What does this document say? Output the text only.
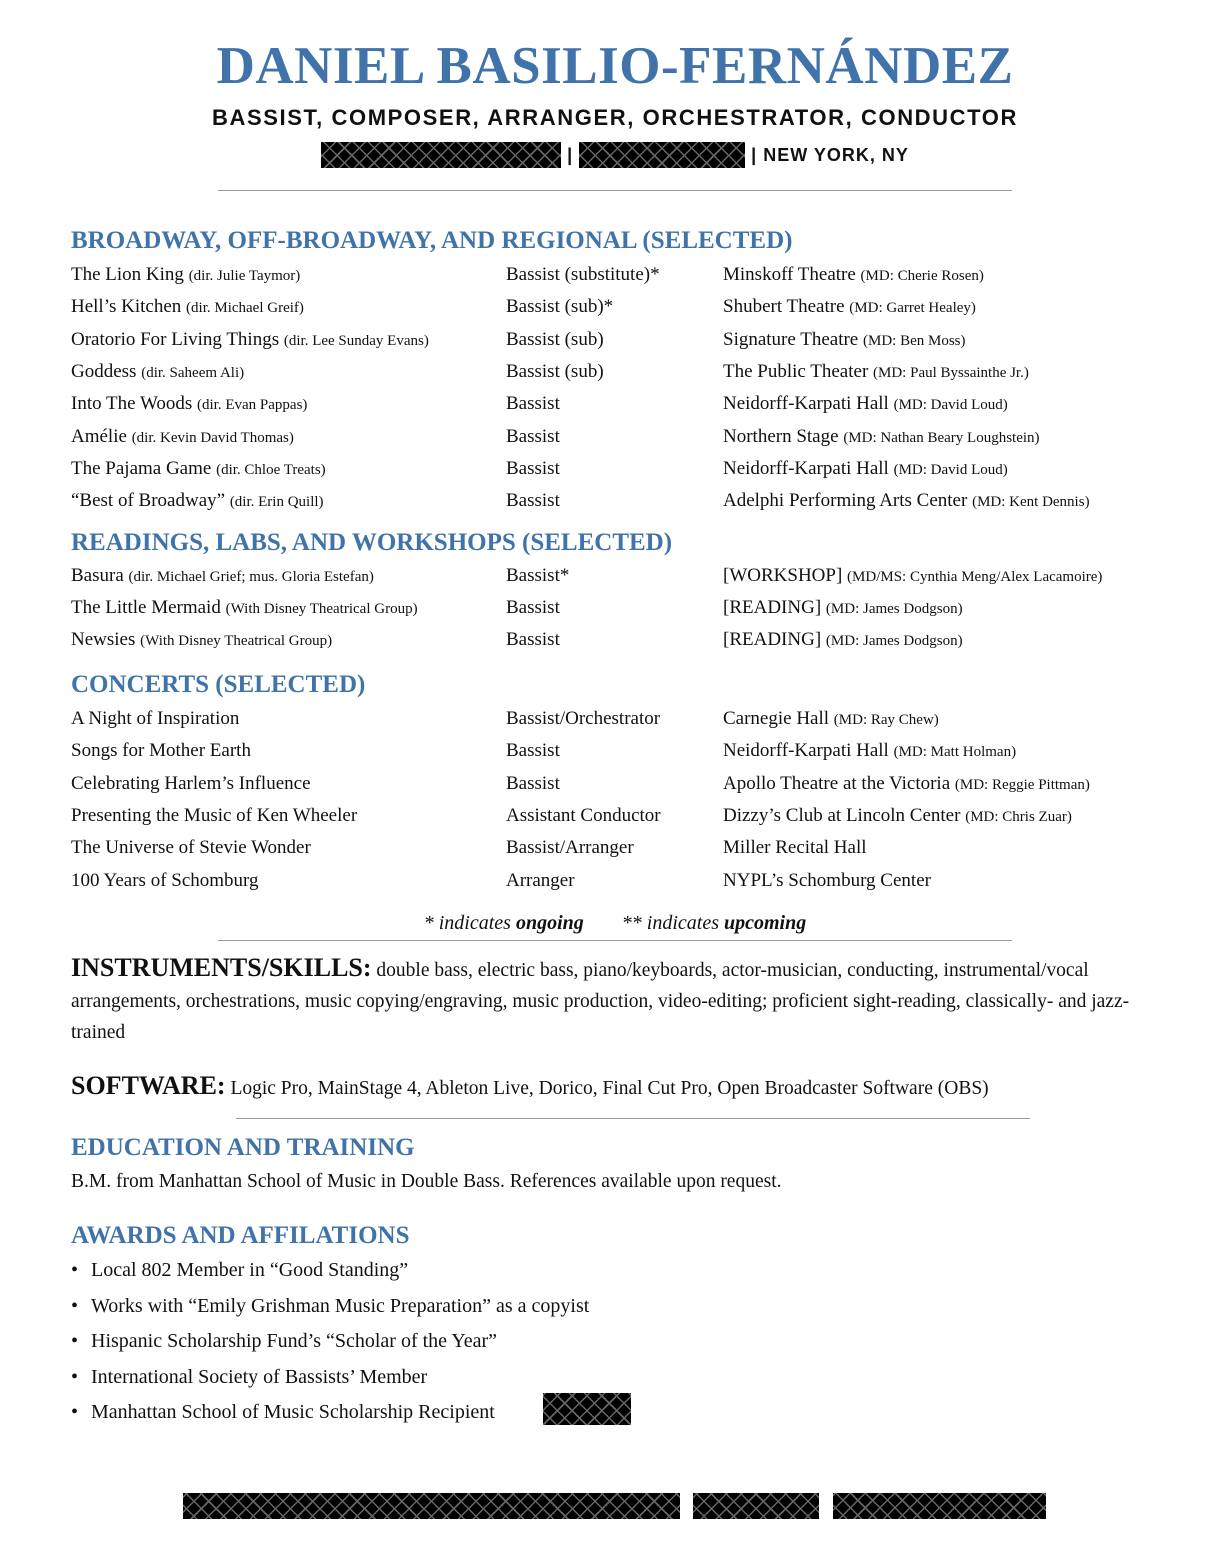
DANIEL BASILIO-FERNÁNDEZ
BASSIST, COMPOSER, ARRANGER, ORCHESTRATOR, CONDUCTOR
|	| NEW YORK, NY
BROADWAY, OFF-BROADWAY, AND REGIONAL (SELECTED)
The Lion King (dir. Julie Taymor)	Bassist (substitute)*	Minskoff Theatre (MD: Cherie Rosen)
Hell’s Kitchen (dir. Michael Greif)	Bassist (sub)*	Shubert Theatre (MD: Garret Healey)
Oratorio For Living Things (dir. Lee Sunday Evans)	Bassist (sub)	Signature Theatre (MD: Ben Moss)
Goddess (dir. Saheem Ali)	Bassist (sub)	The Public Theater (MD: Paul Byssainthe Jr.)
Into The Woods (dir. Evan Pappas)	Bassist	Neidorff-Karpati Hall (MD: David Loud)
Amélie (dir. Kevin David Thomas)	Bassist	Northern Stage (MD: Nathan Beary Loughstein)
The Pajama Game (dir. Chloe Treats)	Bassist	Neidorff-Karpati Hall (MD: David Loud)
“Best of Broadway” (dir. Erin Quill)	Bassist	Adelphi Performing Arts Center (MD: Kent Dennis)
READINGS, LABS, AND WORKSHOPS (SELECTED)
Basura (dir. Michael Grief; mus. Gloria Estefan)	Bassist*	[WORKSHOP] (MD/MS: Cynthia Meng/Alex Lacamoire)
The Little Mermaid (With Disney Theatrical Group)	Bassist	[READING] (MD: James Dodgson)
Newsies (With Disney Theatrical Group)	Bassist	[READING] (MD: James Dodgson)
CONCERTS (SELECTED)
A Night of Inspiration	Bassist/Orchestrator	Carnegie Hall (MD: Ray Chew)
Songs for Mother Earth	Bassist	Neidorff-Karpati Hall (MD: Matt Holman)
Celebrating Harlem’s Influence	Bassist	Apollo Theatre at the Victoria (MD: Reggie Pittman)
Presenting the Music of Ken Wheeler	Assistant Conductor	Dizzy’s Club at Lincoln Center (MD: Chris Zuar)
The Universe of Stevie Wonder	Bassist/Arranger	Miller Recital Hall
100 Years of Schomburg	Arranger	NYPL’s Schomburg Center
* indicates ongoing ** indicates upcoming
INSTRUMENTS/SKILLS: double bass, electric bass, piano/keyboards, actor-musician, conducting, instrumental/vocal arrangements, orchestrations, music copying/engraving, music production, video-editing; proficient sight-reading, classically- and jazz-trained
SOFTWARE: Logic Pro, MainStage 4, Ableton Live, Dorico, Final Cut Pro, Open Broadcaster Software (OBS)
EDUCATION AND TRAINING
B.M. from Manhattan School of Music in Double Bass. References available upon request.
AWARDS AND AFFILATIONS
• Local 802 Member in “Good Standing”
• Works with “Emily Grishman Music Preparation” as a copyist
• Hispanic Scholarship Fund’s “Scholar of the Year”
• International Society of Bassists’ Member
• Manhattan School of Music Scholarship Recipient
